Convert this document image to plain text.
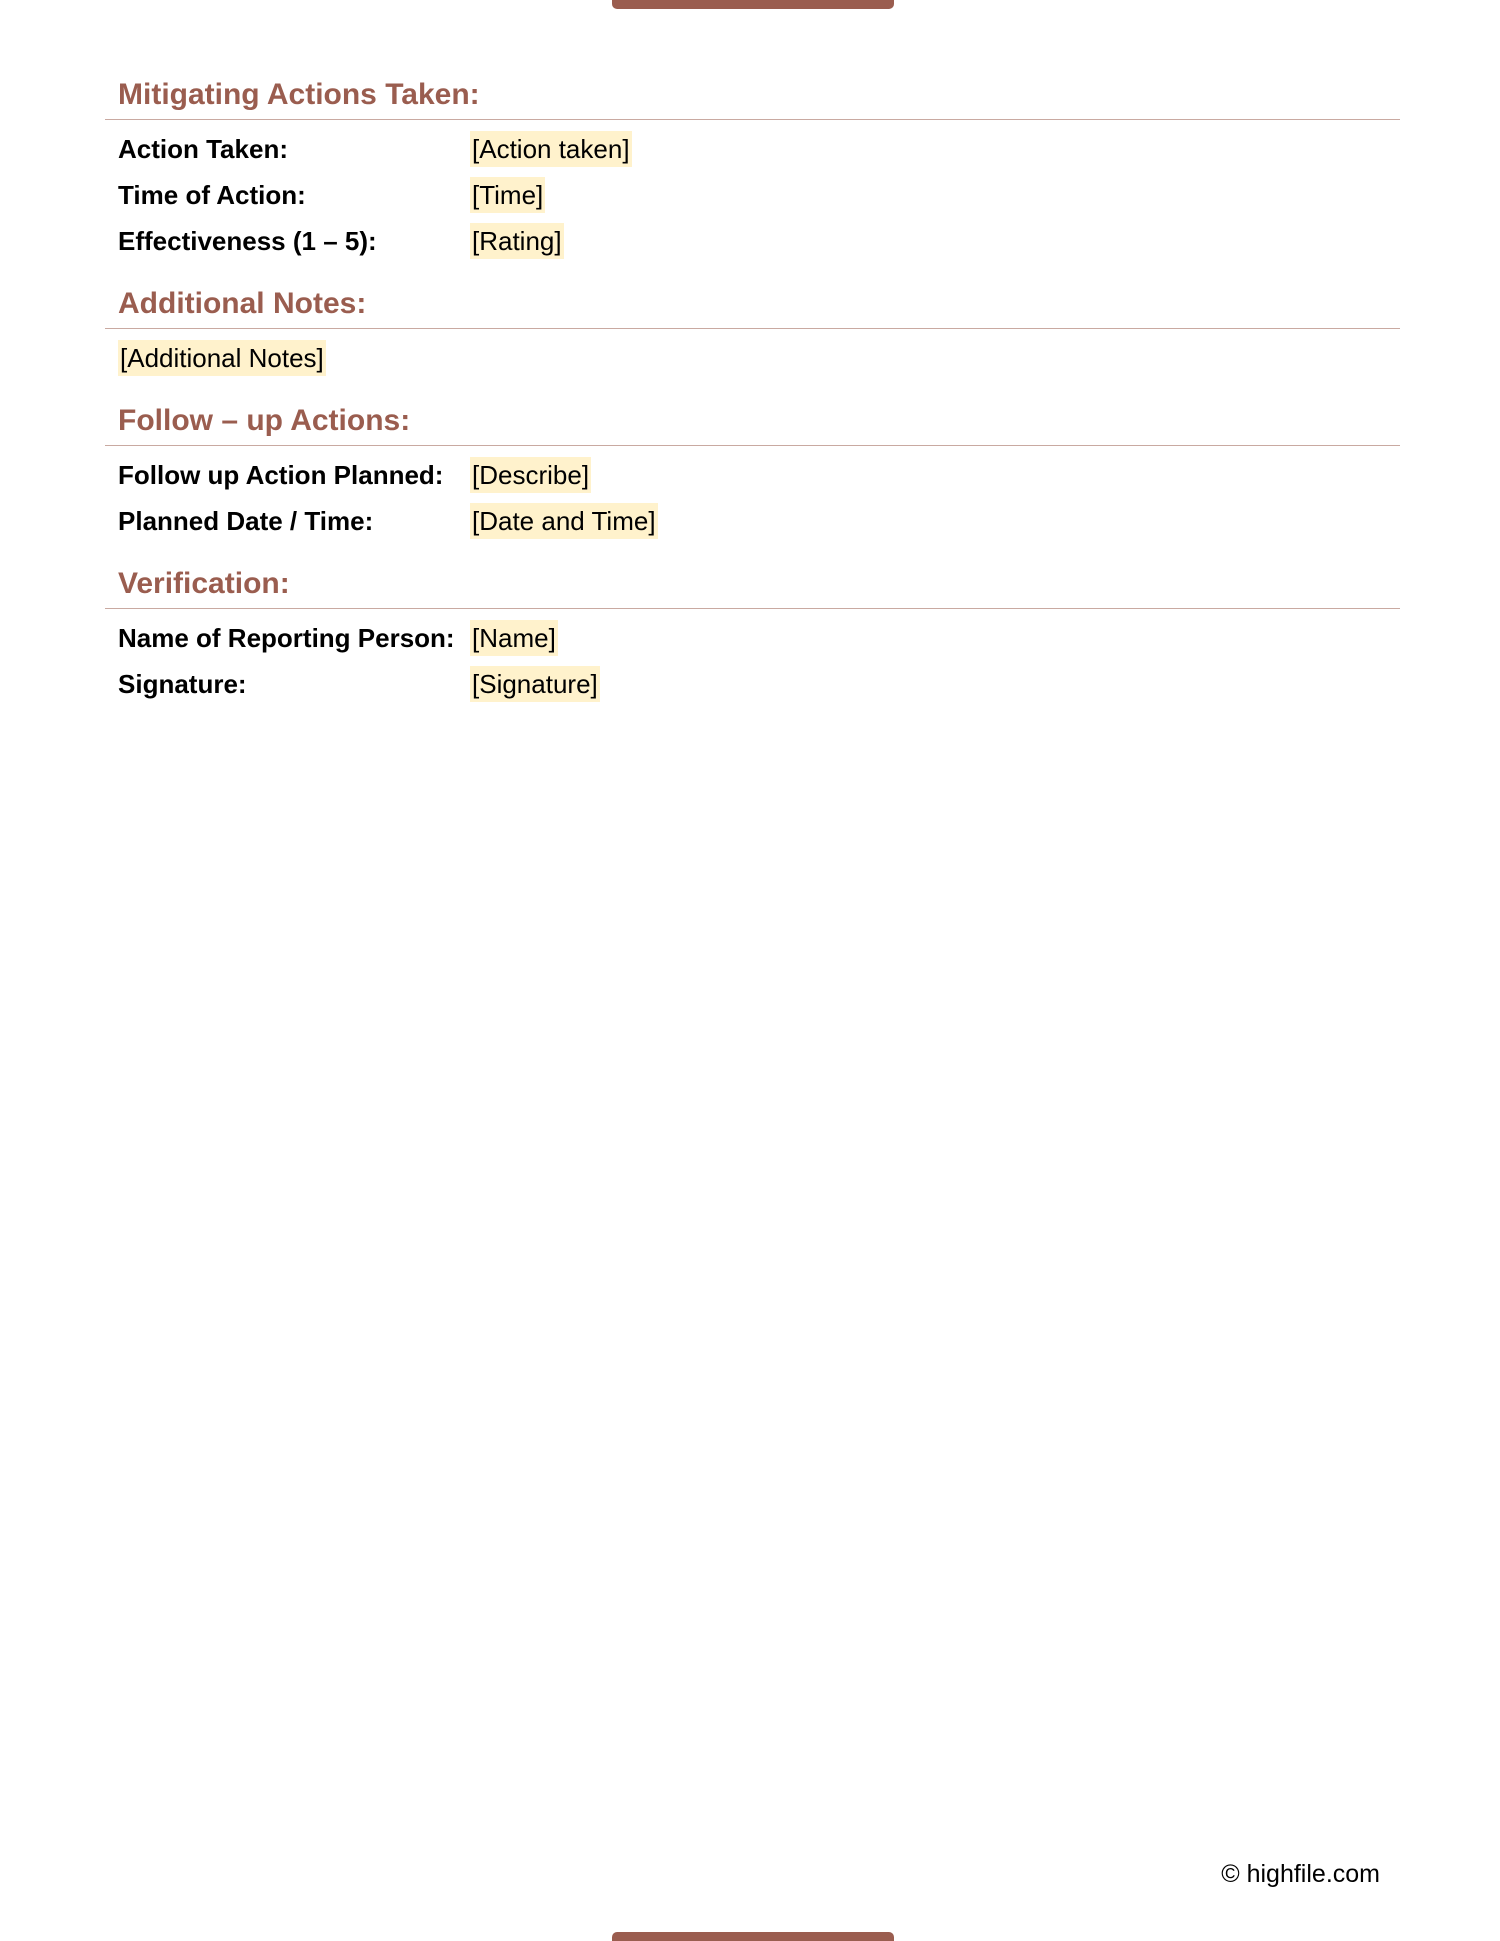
Mitigating Actions Taken:
Action Taken:	[Action taken]
Time of Action:	[Time]
Effectiveness (1 – 5):	[Rating]
Additional Notes:
[Additional Notes]
Follow – up Actions:
Follow up Action Planned:	[Describe]
Planned Date / Time:	[Date and Time]
Verification:
Name of Reporting Person: [Name]
Signature:	[Signature]
© highfile.com
